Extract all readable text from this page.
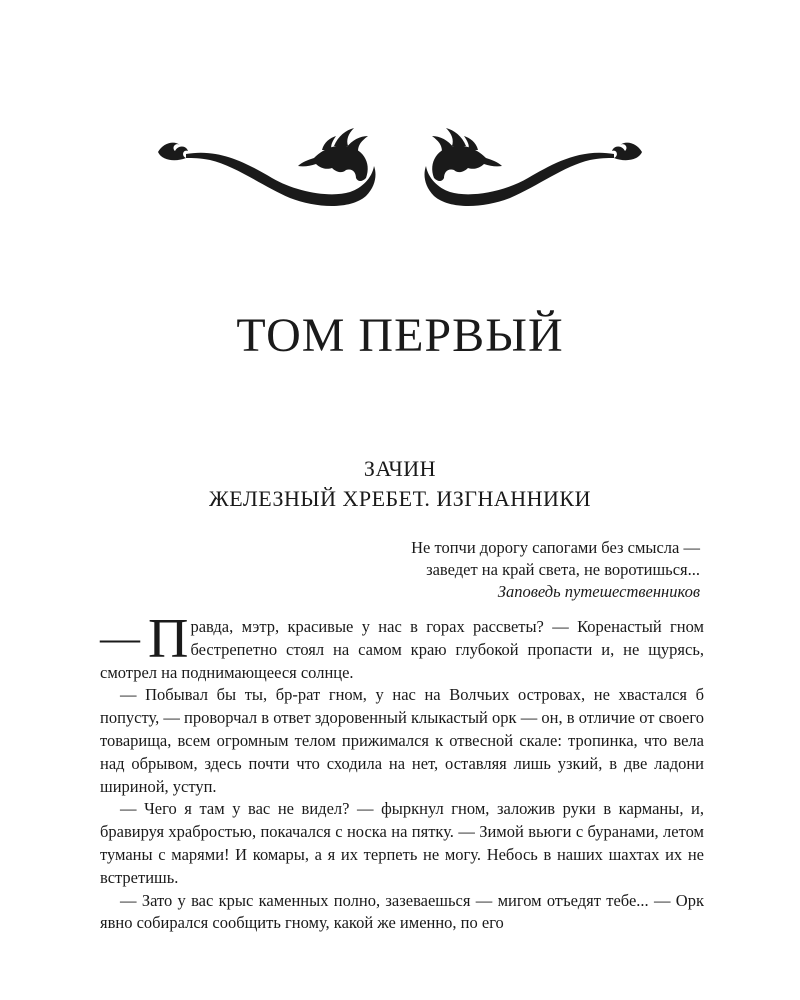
ТОМ ПЕРВЫЙ
ЗАЧИН
ЖЕЛЕЗНЫЙ ХРЕБЕТ. ИЗГНАННИКИ
Не топчи дорогу сапогами без смысла —
заведет на край света, не воротишься...
Заповедь путешественников

— П равда, мэтр, красивые у нас в горах рассветы? — Коренастый гном бестрепетно стоял на самом краю глубокой пропасти и, не щурясь, смотрел на поднимающееся солнце.

— Побывал бы ты, бр-рат гном, у нас на Волчьих островах, не хвастался б попусту, — проворчал в ответ здоровенный клыкастый орк — он, в отличие от своего товарища, всем огромным телом прижимался к отвесной скале: тропинка, что вела над обрывом, здесь почти что сходила на нет, оставляя лишь узкий, в две ладони шириной, уступ.

— Чего я там у вас не видел? — фыркнул гном, заложив руки в карманы, и, бравируя храбростью, покачался с носка на пятку. — Зимой вьюги с буранами, летом туманы с марями! И комары, а я их терпеть не могу. Небось в наших шахтах их не встретишь.

— Зато у вас крыс каменных полно, зазеваешься — мигом отъедят тебе... — Орк явно собирался сообщить гному, какой же именно, по его
